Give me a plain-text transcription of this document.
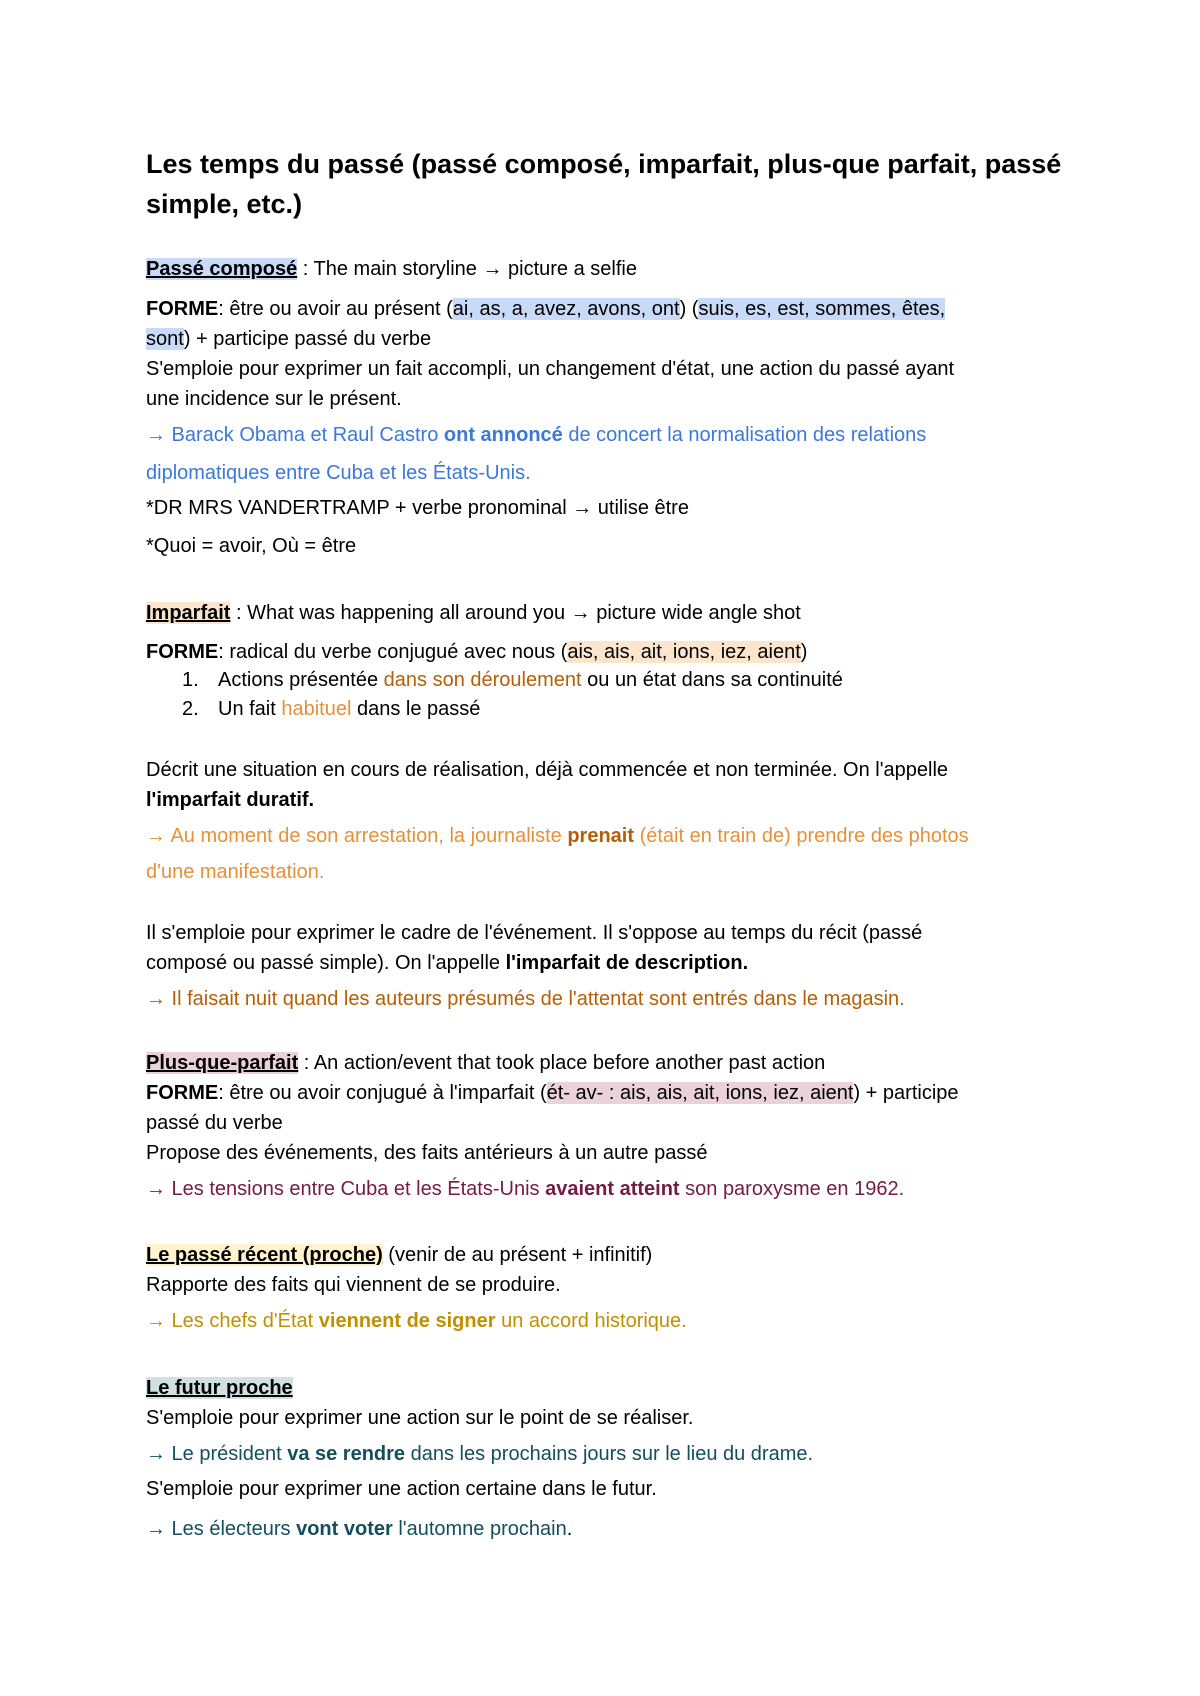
Les temps du passé (passé composé, imparfait, plus-que parfait, passé simple, etc.)
Passé composé : The main storyline → picture a selfie
FORME: être ou avoir au présent (ai, as, a, avez, avons, ont) (suis, es, est, sommes, êtes,
sont) + participe passé du verbe
S'emploie pour exprimer un fait accompli, un changement d'état, une action du passé ayant
une incidence sur le présent.
→ Barack Obama et Raul Castro ont annoncé de concert la normalisation des relations
diplomatiques entre Cuba et les États-Unis.
*DR MRS VANDERTRAMP + verbe pronominal → utilise être
*Quoi = avoir, Où = être
Imparfait : What was happening all around you → picture wide angle shot
FORME: radical du verbe conjugué avec nous (ais, ais, ait, ions, iez, aient)
1. Actions présentée dans son déroulement ou un état dans sa continuité
2. Un fait habituel dans le passé
Décrit une situation en cours de réalisation, déjà commencée et non terminée. On l'appelle
l'imparfait duratif.
→ Au moment de son arrestation, la journaliste prenait (était en train de) prendre des photos
d'une manifestation.
Il s'emploie pour exprimer le cadre de l'événement. Il s'oppose au temps du récit (passé
composé ou passé simple). On l'appelle l'imparfait de description.
→ Il faisait nuit quand les auteurs présumés de l'attentat sont entrés dans le magasin.
Plus-que-parfait : An action/event that took place before another past action
FORME: être ou avoir conjugué à l'imparfait (ét- av- : ais, ais, ait, ions, iez, aient) + participe
passé du verbe
Propose des événements, des faits antérieurs à un autre passé
→ Les tensions entre Cuba et les États-Unis avaient atteint son paroxysme en 1962.
Le passé récent (proche) (venir de au présent + infinitif)
Rapporte des faits qui viennent de se produire.
→ Les chefs d'État viennent de signer un accord historique.
Le futur proche
S'emploie pour exprimer une action sur le point de se réaliser.
→ Le président va se rendre dans les prochains jours sur le lieu du drame.
S'emploie pour exprimer une action certaine dans le futur.
→ Les électeurs vont voter l'automne prochain.
